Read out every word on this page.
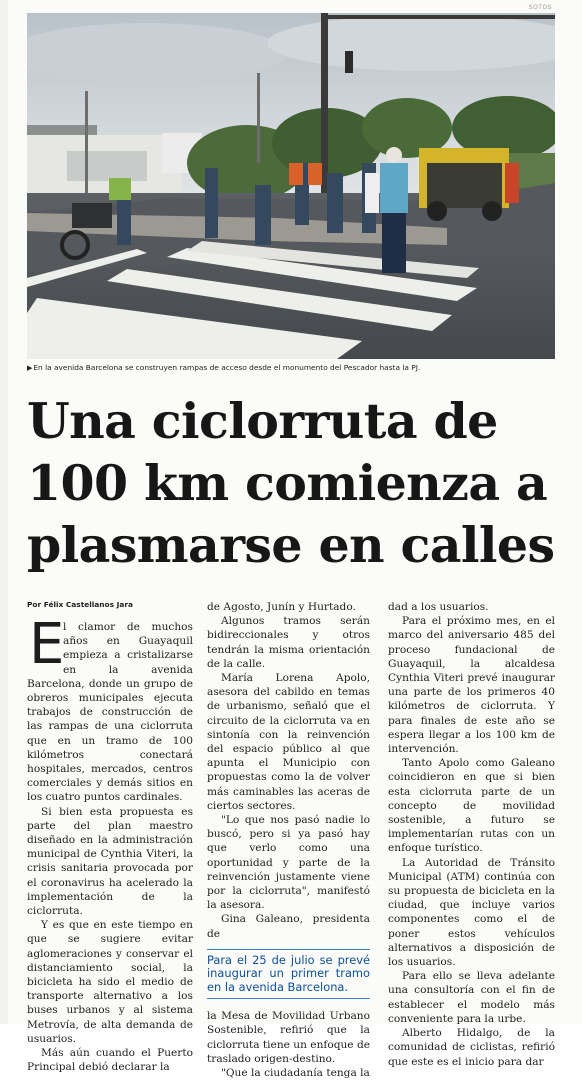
SOTOS
▶En la avenida Barcelona se construyen rampas de acceso desde el monumento del Pescador hasta la PJ.
Una ciclorruta de 100 km comienza a plasmarse en calles
Por Félix Castellanos Jara
E

l clamor de muchos años en Guayaquil empieza a cristalizarse en la avenida Barcelona, donde un grupo de obreros municipales ejecuta trabajos de construcción de las rampas de una ciclorruta que en un tramo de 100 kilómetros conectará hospitales, mercados, centros comerciales y demás sitios en los cuatro puntos cardinales.

Si bien esta propuesta es parte del plan maestro diseñado en la administración municipal de Cynthia Viteri, la crisis sanitaria provocada por el coronavirus ha acelerado la implementación de la ciclorruta.

Y es que en este tiempo en que se sugiere evitar aglomeraciones y conservar el distanciamiento social, la bicicleta ha sido el medio de transporte alternativo a los buses urbanos y al sistema Metrovía, de alta demanda de usuarios.

Más aún cuando el Puerto Principal debió declarar la

de Agosto, Junín y Hurtado.

Algunos tramos serán bidireccionales y otros tendrán la misma orientación de la calle.

María Lorena Apolo, asesora del cabildo en temas de urbanismo, señaló que el circuito de la ciclorruta va en sintonía con la reinvención del espacio público al que apunta el Municipio con propuestas como la de volver más caminables las aceras de ciertos sectores.

"Lo que nos pasó nadie lo buscó, pero si ya pasó hay que verlo como una oportunidad y parte de la reinvención justamente viene por la ciclorruta", manifestó la asesora.

Gina Galeano, presidenta de

Para el 25 de julio se prevé inaugurar un primer tramo en la avenida Barcelona.

la Mesa de Movilidad Urbano Sostenible, refirió que la ciclorruta tiene un enfoque de traslado origen-destino.

"Que la ciudadanía tenga la

dad a los usuarios.

Para el próximo mes, en el marco del aniversario 485 del proceso fundacional de Guayaquil, la alcaldesa Cynthia Viteri prevé inaugurar una parte de los primeros 40 kilómetros de ciclorruta. Y para finales de este año se espera llegar a los 100 km de intervención.

Tanto Apolo como Galeano coincidieron en que si bien esta ciclorruta parte de un concepto de movilidad sostenible, a futuro se implementarían rutas con un enfoque turístico.

La Autoridad de Tránsito Municipal (ATM) continúa con su propuesta de bicicleta en la ciudad, que incluye varios componentes como el de poner estos vehículos alternativos a disposición de los usuarios.

Para ello se lleva adelante una consultoría con el fin de establecer el modelo más conveniente para la urbe.

Alberto Hidalgo, de la comunidad de ciclistas, refirió que este es el inicio para dar
